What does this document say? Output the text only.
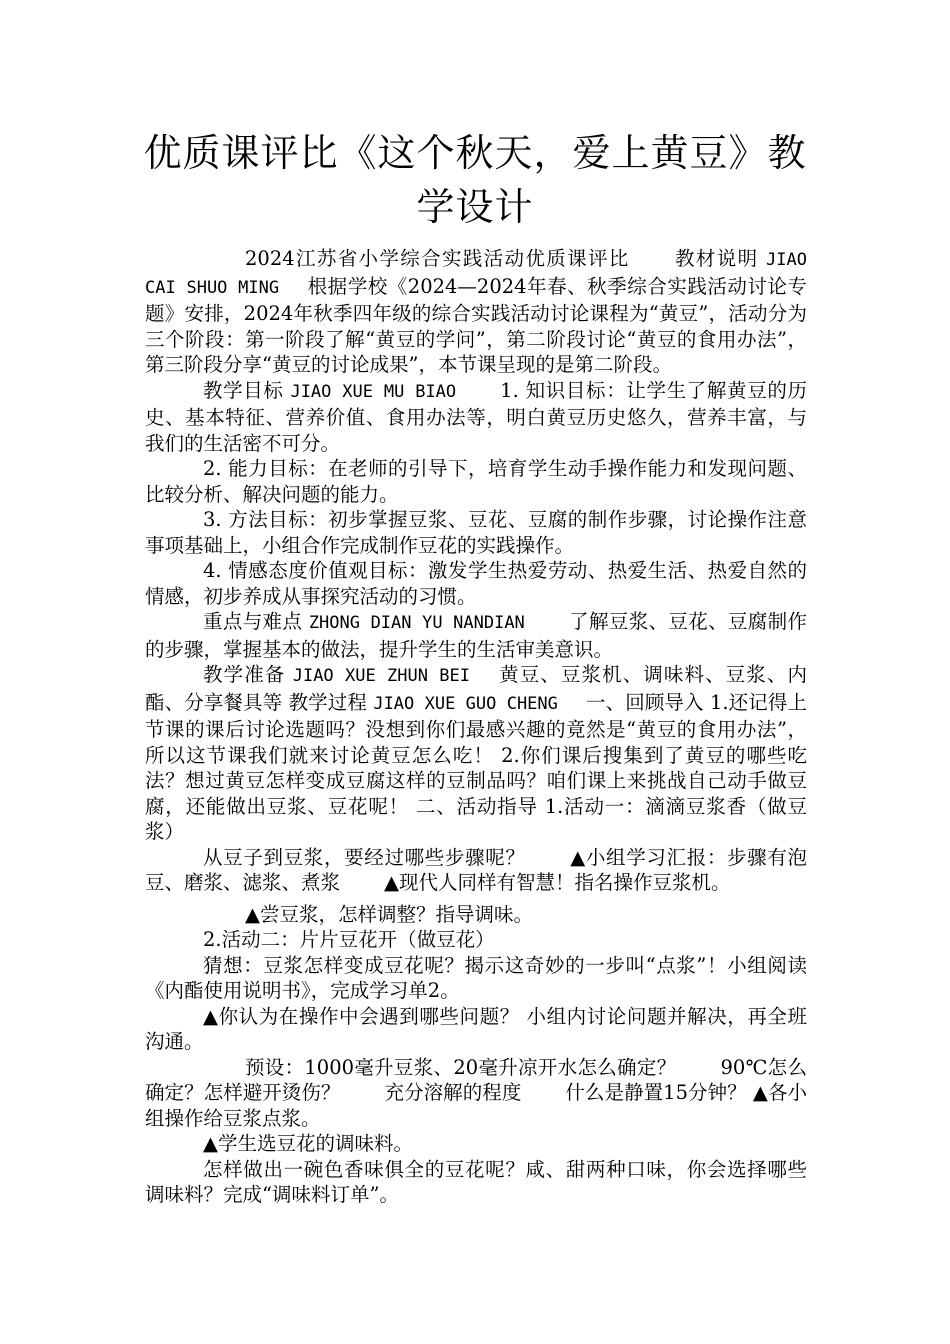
优质课评比《这个秋天，爱上黄豆》教学设计

2024江苏省小学综合实践活动优质课评比 教材说明 JIAO CAI SHUO MING 根据学校《2024—2024年春、秋季综合实践活动讨论专题》安排，2024年秋季四年级的综合实践活动讨论课程为“黄豆”，活动分为三个阶段：第一阶段了解“黄豆的学问”，第二阶段讨论“黄豆的食用办法”，第三阶段分享“黄豆的讨论成果”，本节课呈现的是第二阶段。

教学目标 JIAO XUE MU BIAO 1. 知识目标：让学生了解黄豆的历史、基本特征、营养价值、食用办法等，明白黄豆历史悠久，营养丰富，与我们的生活密不可分。

2. 能力目标：在老师的引导下，培育学生动手操作能力和发现问题、比较分析、解决问题的能力。

3. 方法目标：初步掌握豆浆、豆花、豆腐的制作步骤，讨论操作注意事项基础上，小组合作完成制作豆花的实践操作。

4. 情感态度价值观目标：激发学生热爱劳动、热爱生活、热爱自然的情感，初步养成从事探究活动的习惯。

重点与难点 ZHONG DIAN YU NANDIAN 了解豆浆、豆花、豆腐制作的步骤，掌握基本的做法，提升学生的生活审美意识。

教学准备 JIAO XUE ZHUN BEI 黄豆、豆浆机、调味料、豆浆、内酯、分享餐具等 教学过程 JIAO XUE GUO CHENG 一、回顾导入 1.还记得上节课的课后讨论选题吗？没想到你们最感兴趣的竟然是“黄豆的食用办法”，所以这节课我们就来讨论黄豆怎么吃！ 2.你们课后搜集到了黄豆的哪些吃法？想过黄豆怎样变成豆腐这样的豆制品吗？咱们课上来挑战自己动手做豆腐，还能做出豆浆、豆花呢！ 二、活动指导 1.活动一：滴滴豆浆香（做豆浆）

从豆子到豆浆，要经过哪些步骤呢？ ▲小组学习汇报：步骤有泡豆、磨浆、滤浆、煮浆 ▲现代人同样有智慧！指名操作豆浆机。

▲尝豆浆，怎样调整？指导调味。

2.活动二：片片豆花开（做豆花）

猜想：豆浆怎样变成豆花呢？揭示这奇妙的一步叫“点浆”！小组阅读《内酯使用说明书》，完成学习单2。

▲你认为在操作中会遇到哪些问题？ 小组内讨论问题并解决，再全班沟通。

预设：1000毫升豆浆、20毫升凉开水怎么确定？ 90℃怎么确定？怎样避开烫伤？ 充分溶解的程度 什么是静置15分钟？ ▲各小组操作给豆浆点浆。

▲学生选豆花的调味料。

怎样做出一碗色香味俱全的豆花呢？咸、甜两种口味，你会选择哪些调味料？完成“调味料订单”。
